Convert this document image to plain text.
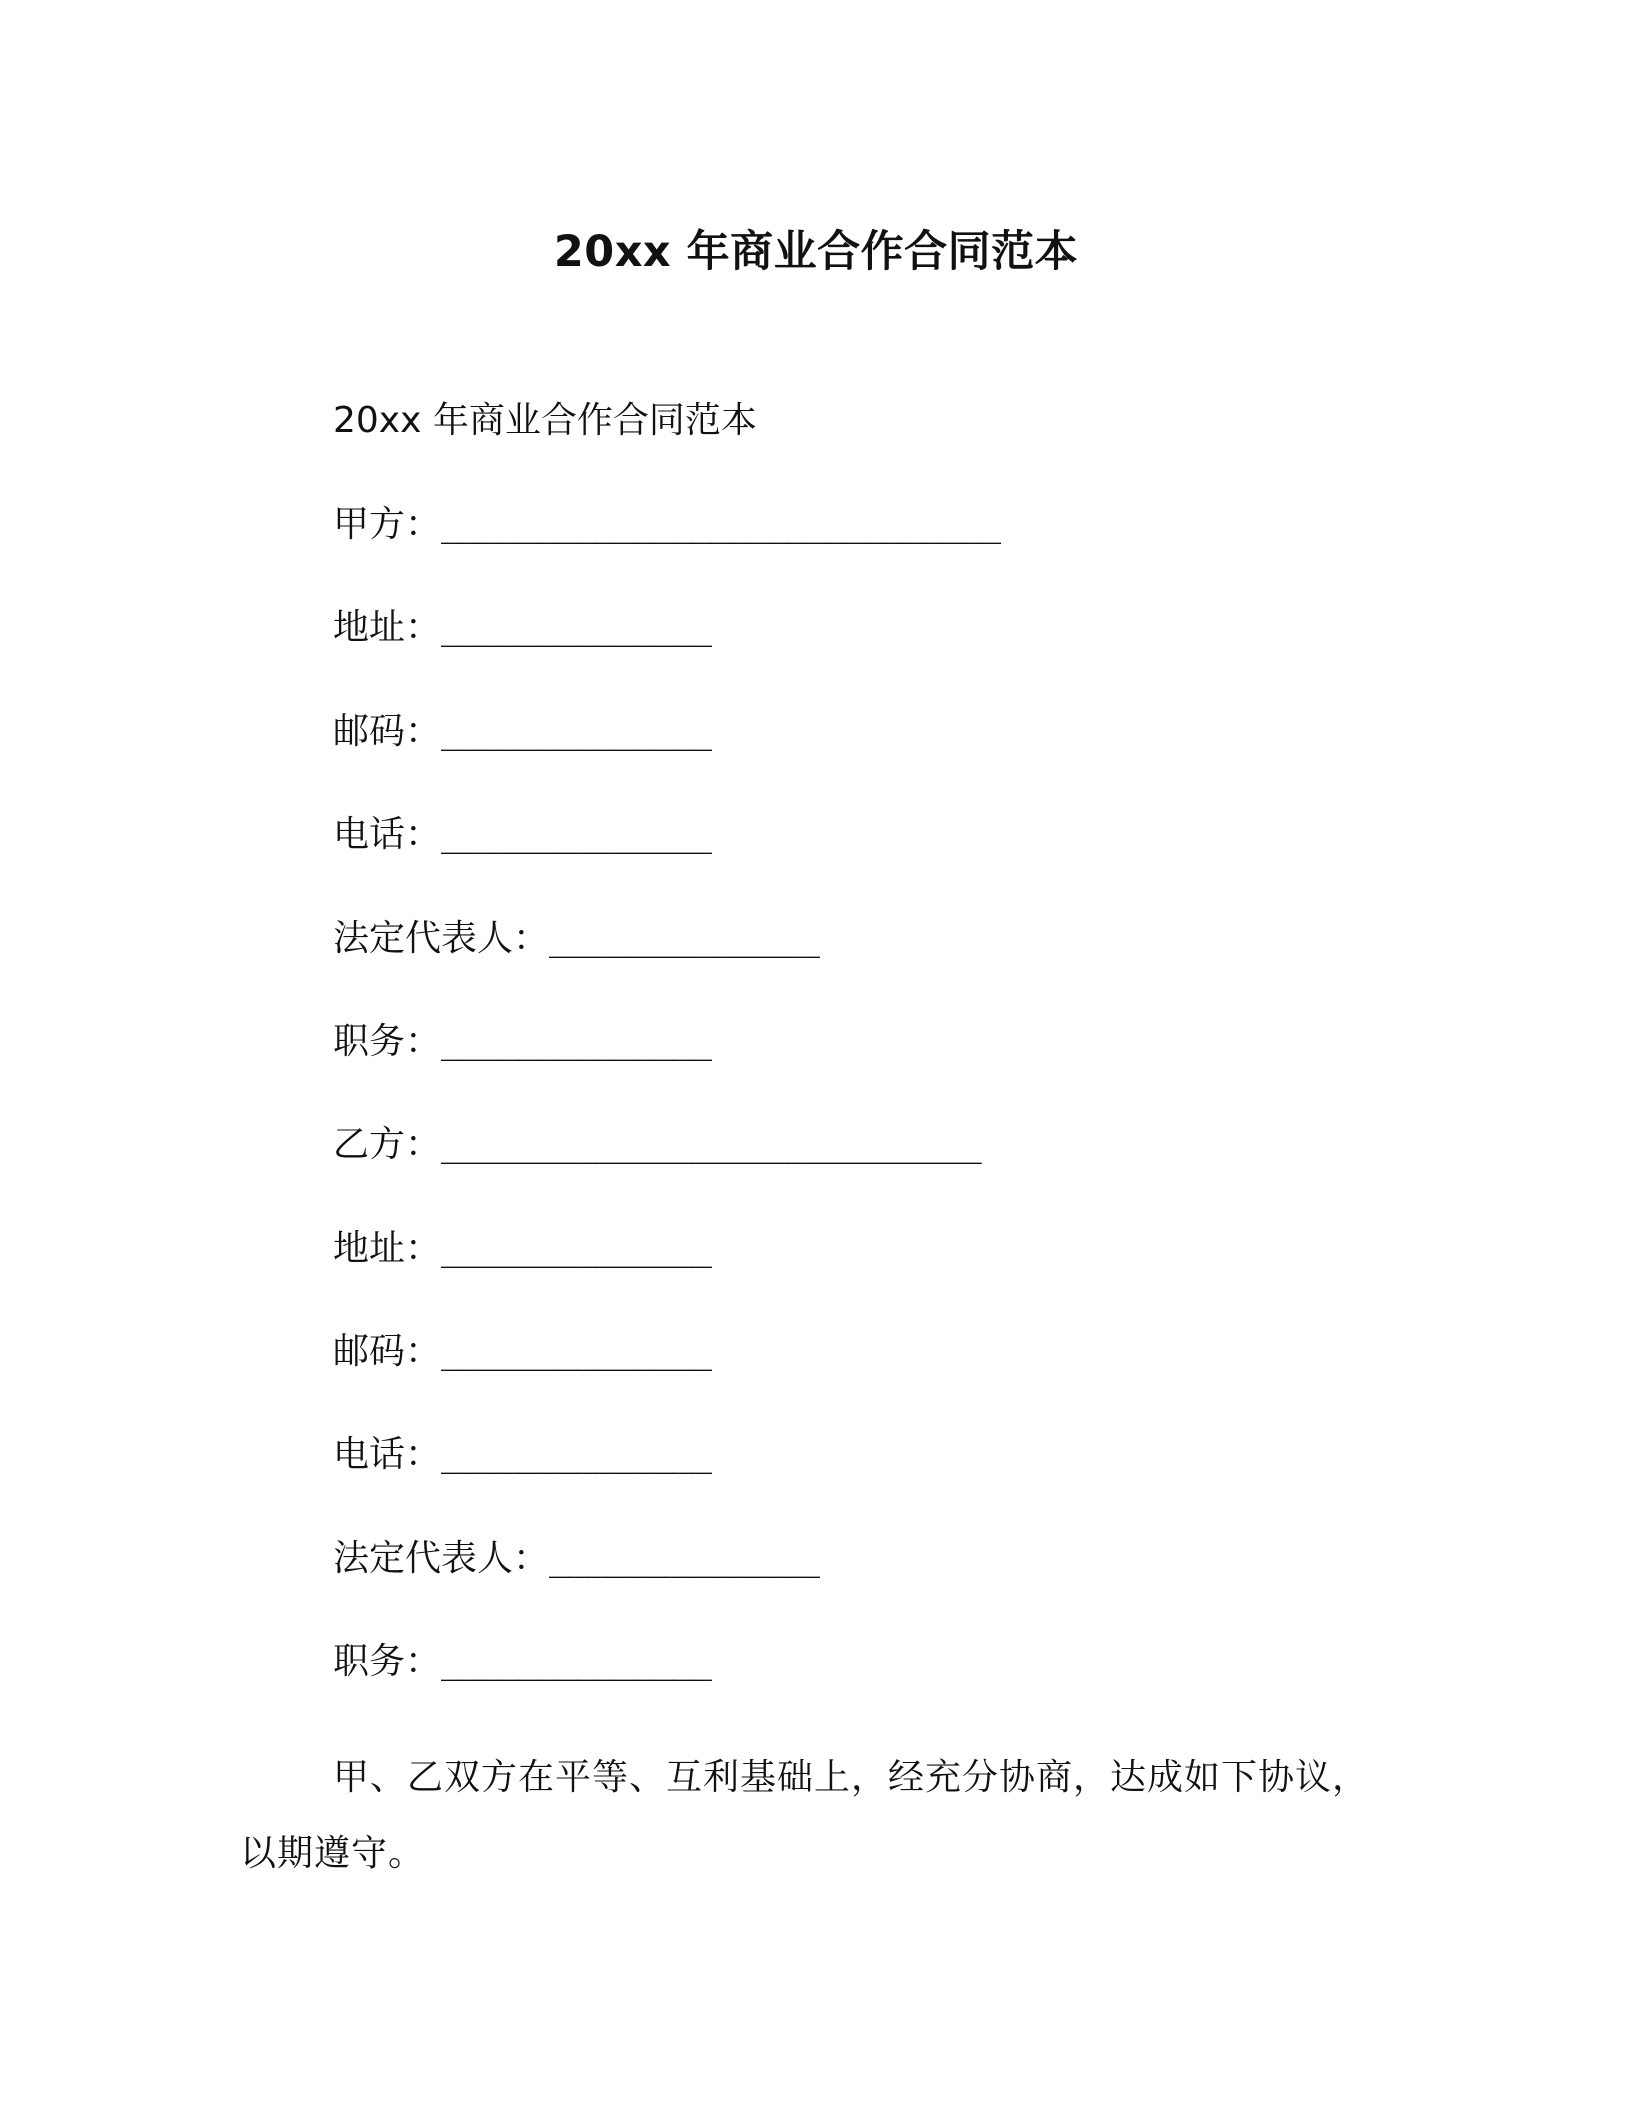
20xx 年商业合作合同范本
20xx 年商业合作合同范本
甲方：_____________________________
地址：______________
邮码：______________
电话：______________
法定代表人：______________
职务：______________
乙方：____________________________
地址：______________
邮码：______________
电话：______________
法定代表人：______________
职务：______________
甲、乙双方在平等、互利基础上，经充分协商，达成如下协议，以期遵守。
